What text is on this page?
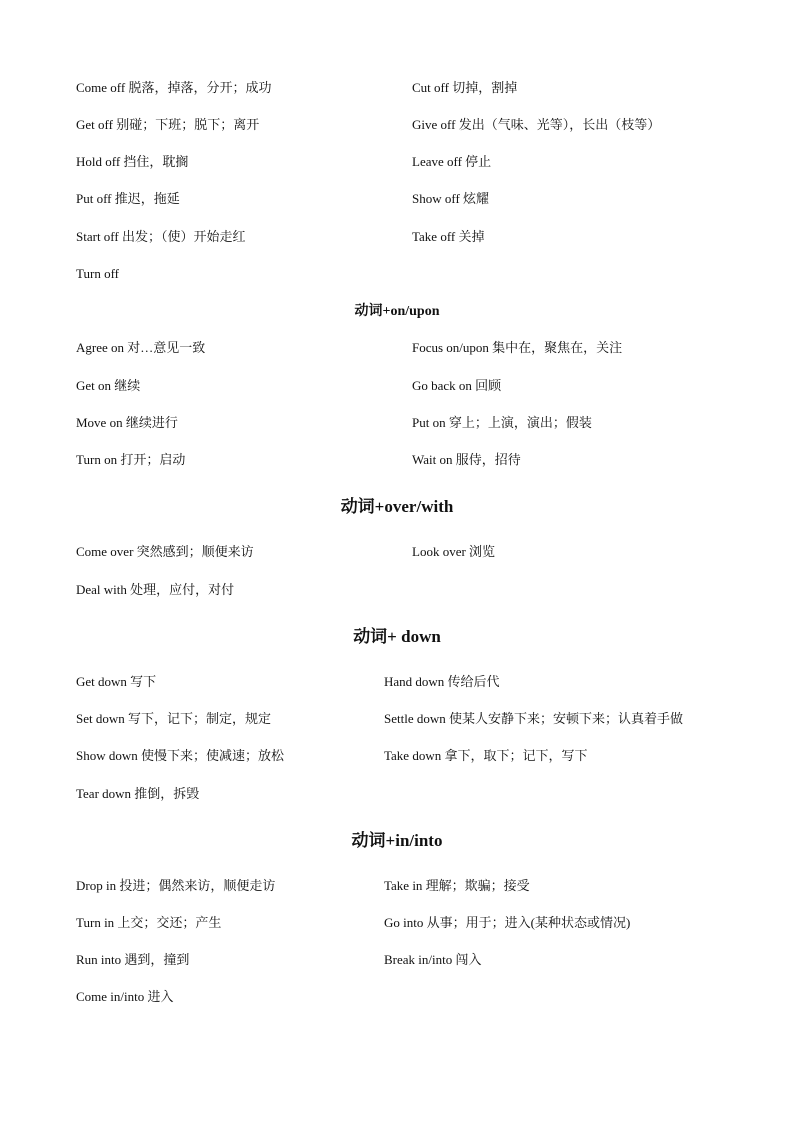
Come off 脱落，掉落，分开；成功	Cut off 切掉，割掉
Get off 别碰；下班；脱下；离开	Give off 发出（气味、光等），长出（枝等）
Hold off 挡住，耽搁	Leave off 停止
Put off 推迟，拖延	Show off 炫耀
Start off 出发；（使）开始走红	Take off 关掉
Turn off
动词+on/upon
Agree on 对…意见一致	Focus on/upon 集中在，聚焦在，关注
Get on 继续	Go back on 回顾
Move on 继续进行	Put on 穿上；上演，演出；假装
Turn on 打开；启动	Wait on 服侍，招待
动词+over/with
Come over 突然感到；顺便来访	Look over 浏览
Deal with 处理，应付，对付
动词+ down
Get down 写下	Hand down 传给后代
Set down 写下，记下；制定，规定	Settle down 使某人安静下来；安顿下来；认真着手做
Show down 使慢下来；使减速；放松	Take down 拿下，取下；记下，写下
Tear down 推倒，拆毁
动词+in/into
Drop in 投进；偶然来访，顺便走访	Take in 理解；欺骗；接受
Turn in 上交；交还；产生	Go into 从事；用于；进入(某种状态或情况)
Run into 遇到，撞到	Break in/into 闯入
Come in/into 进入
